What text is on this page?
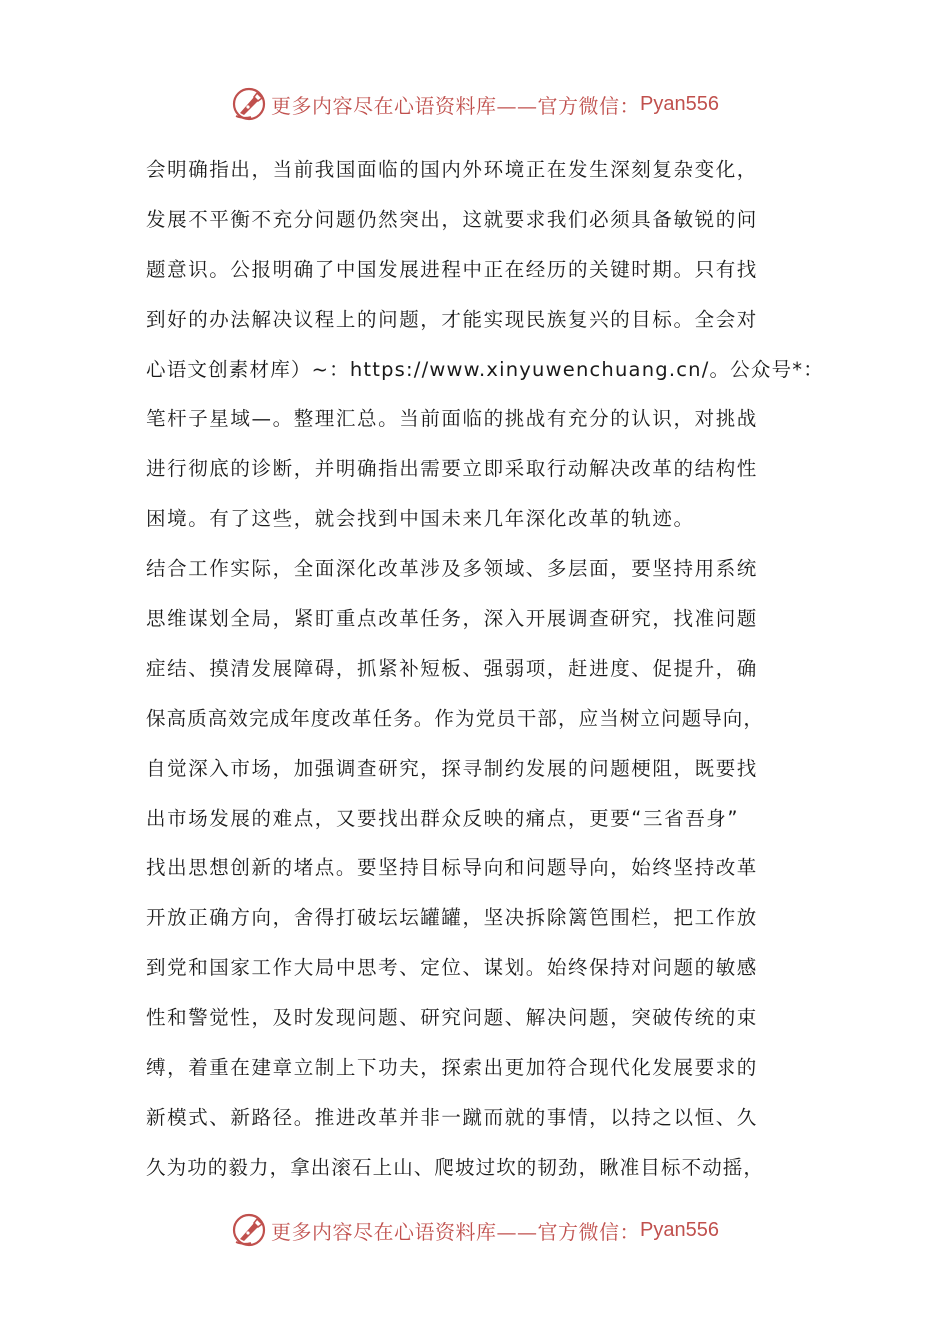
更多内容尽在心语资料库——官方微信： Pyan556
会明确指出，当前我国面临的国内外环境正在发生深刻复杂变化，
发展不平衡不充分问题仍然突出，这就要求我们必须具备敏锐的问
题意识。公报明确了中国发展进程中正在经历的关键时期。只有找
到好的办法解决议程上的问题，才能实现民族复兴的目标。全会对
心语文创素材库）~：https://www.xinyuwenchuang.cn/。公众号*：
笔杆子星域—。整理汇总。当前面临的挑战有充分的认识，对挑战
进行彻底的诊断，并明确指出需要立即采取行动解决改革的结构性
困境。有了这些，就会找到中国未来几年深化改革的轨迹。
结合工作实际，全面深化改革涉及多领域、多层面，要坚持用系统
思维谋划全局，紧盯重点改革任务，深入开展调查研究，找准问题
症结、摸清发展障碍，抓紧补短板、强弱项，赶进度、促提升，确
保高质高效完成年度改革任务。作为党员干部，应当树立问题导向，
自觉深入市场，加强调查研究，探寻制约发展的问题梗阻，既要找
出市场发展的难点，又要找出群众反映的痛点，更要“三省吾身”
找出思想创新的堵点。要坚持目标导向和问题导向，始终坚持改革
开放正确方向，舍得打破坛坛罐罐，坚决拆除篱笆围栏，把工作放
到党和国家工作大局中思考、定位、谋划。始终保持对问题的敏感
性和警觉性，及时发现问题、研究问题、解决问题，突破传统的束
缚，着重在建章立制上下功夫，探索出更加符合现代化发展要求的
新模式、新路径。推进改革并非一蹴而就的事情，以持之以恒、久
久为功的毅力，拿出滚石上山、爬坡过坎的韧劲，瞅准目标不动摇，
更多内容尽在心语资料库——官方微信： Pyan556
